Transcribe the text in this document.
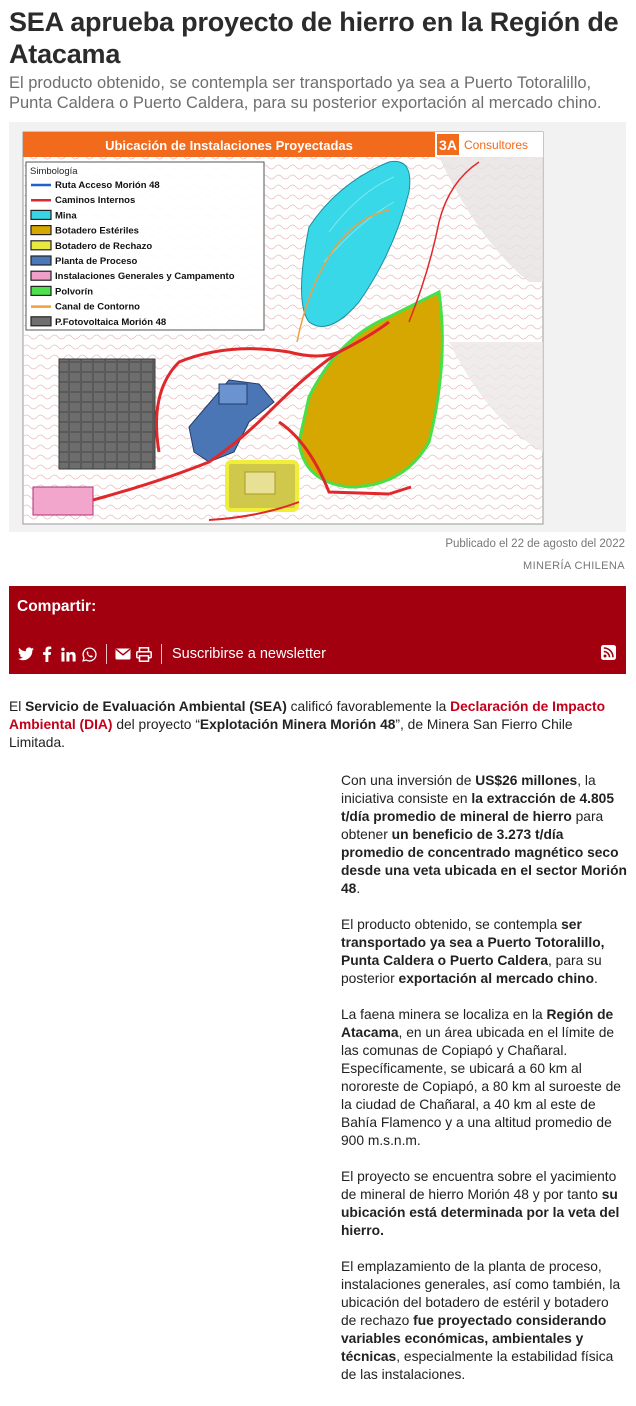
SEA aprueba proyecto de hierro en la Región de Atacama

El producto obtenido, se contempla ser transportado ya sea a Puerto Totoralillo, Punta Caldera o Puerto Caldera, para su posterior exportación al mercado chino.

Ubicación de Instalaciones Proyectadas	3A Consultores
Simbología
Ruta Acceso Morión 48
Caminos Internos
Mina
Botadero Estériles
Botadero de Rechazo
Planta de Proceso
Instalaciones Generales y Campamento
Polvorín
Canal de Contorno
P.Fotovoltaica Morión 48
Publicado el 22 de agosto del 2022
MINERÍA CHILENA
Compartir:
Suscribirse a newsletter

El Servicio de Evaluación Ambiental (SEA) calificó favorablemente la Declaración de Impacto Ambiental (DIA) del proyecto “Explotación Minera Morión 48”, de Minera San Fierro Chile Limitada.

Con una inversión de US$26 millones, la iniciativa consiste en la extracción de 4.805 t/día promedio de mineral de hierro para obtener un beneficio de 3.273 t/día promedio de concentrado magnético seco desde una veta ubicada en el sector Morión 48.

El producto obtenido, se contempla ser transportado ya sea a Puerto Totoralillo, Punta Caldera o Puerto Caldera, para su posterior exportación al mercado chino.

La faena minera se localiza en la Región de Atacama, en un área ubicada en el límite de las comunas de Copiapó y Chañaral. Específicamente, se ubicará a 60 km al nororeste de Copiapó, a 80 km al suroeste de la ciudad de Chañaral, a 40 km al este de Bahía Flamenco y a una altitud promedio de 900 m.s.n.m.

El proyecto se encuentra sobre el yacimiento de mineral de hierro Morión 48 y por tanto su ubicación está determinada por la veta del hierro.

El emplazamiento de la planta de proceso, instalaciones generales, así como también, la ubicación del botadero de estéril y botadero de rechazo fue proyectado considerando variables económicas, ambientales y técnicas, especialmente la estabilidad física de las instalaciones.
